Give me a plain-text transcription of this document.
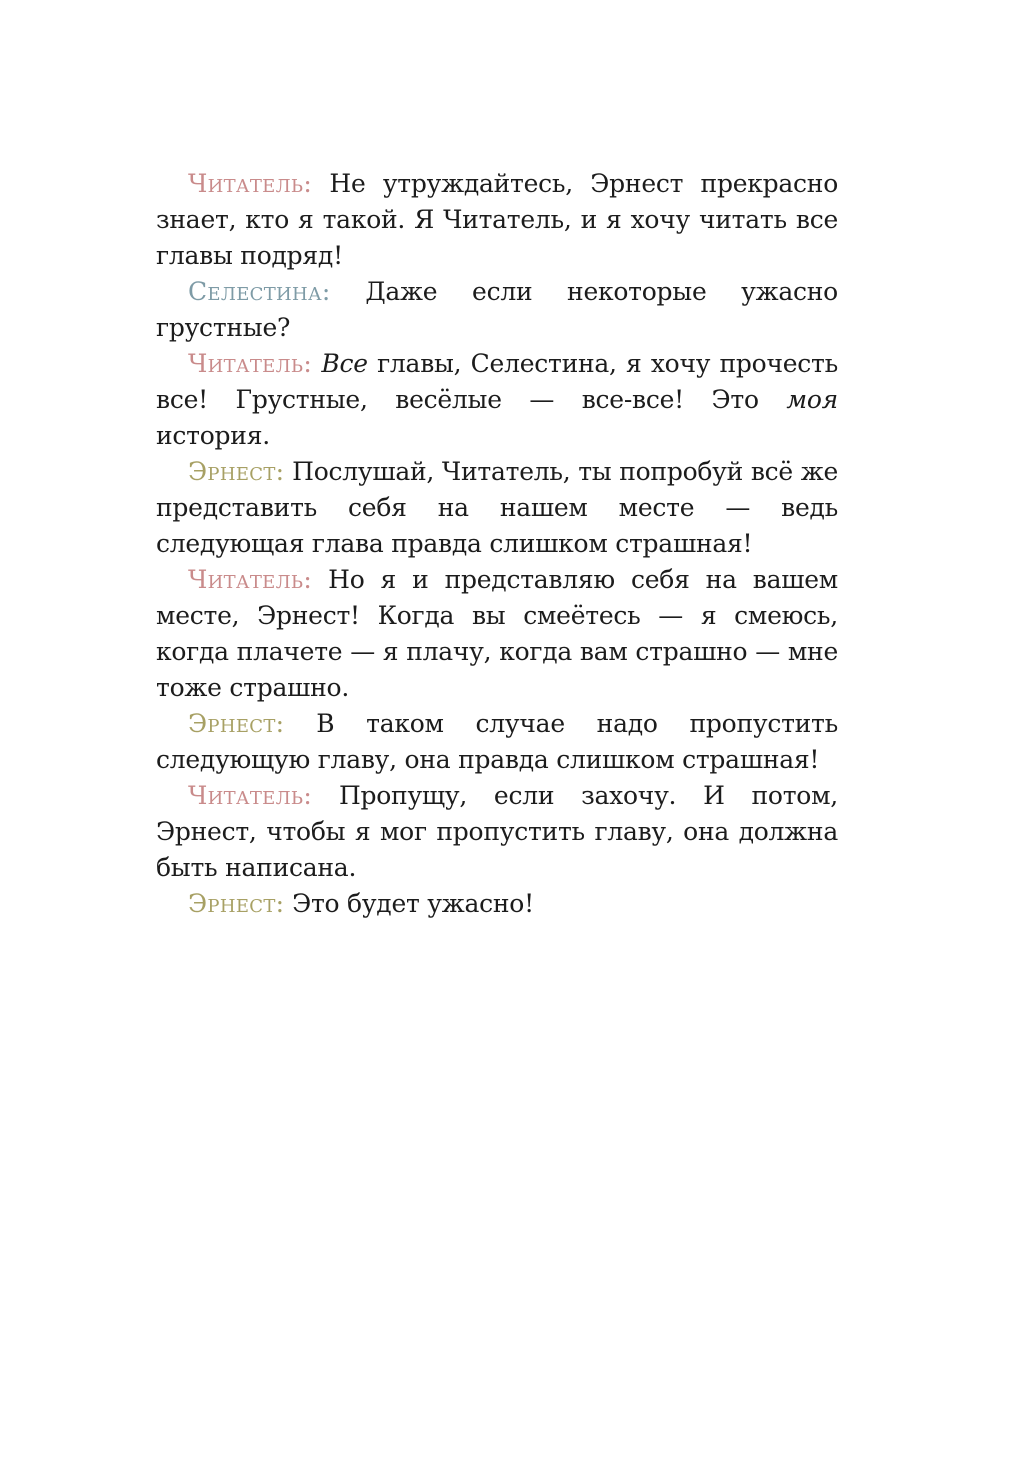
Читатель: Не утруждайтесь, Эрнест прекрасно знает, кто я такой. Я Читатель, и я хочу читать все главы подряд!

Селестина: Даже если некоторые ужасно грустные?

Читатель: Все главы, Селестина, я хочу прочесть все! Грустные, весёлые — все-все! Это моя история.

Эрнест: Послушай, Читатель, ты попробуй всё же представить себя на нашем месте — ведь следующая глава правда слишком страшная!

Читатель: Но я и представляю себя на вашем месте, Эрнест! Когда вы смеётесь — я смеюсь, когда плачете — я плачу, когда вам страшно — мне тоже страшно.

Эрнест: В таком случае надо пропустить следующую главу, она правда слишком страшная!

Читатель: Пропущу, если захочу. И потом, Эрнест, чтобы я мог пропустить главу, она должна быть написана.

Эрнест: Это будет ужасно!
